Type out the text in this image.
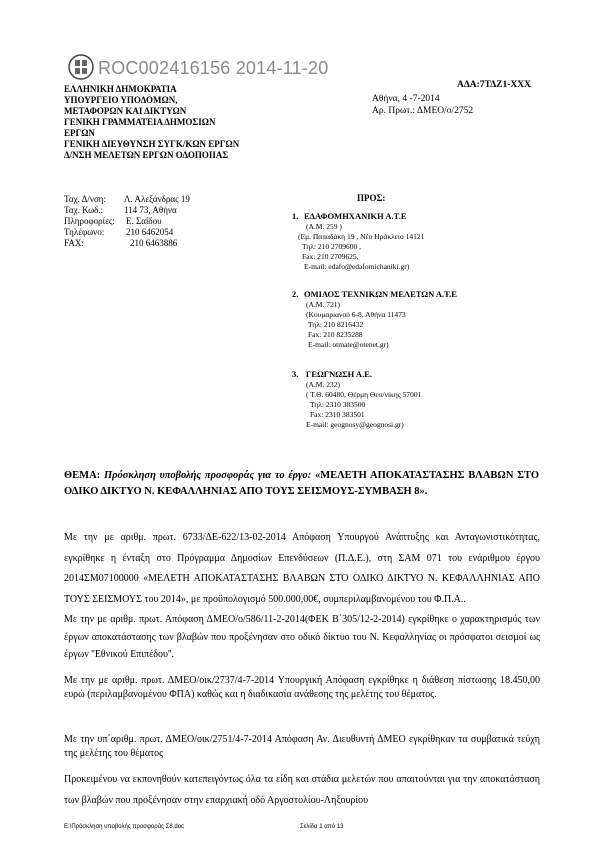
ROC002416156 2014-11-20
ΑΔΑ:7ΤΔΖ1-ΧΧΧ
ΕΛΛΗΝΙΚΗ ΔΗΜΟΚΡΑΤΙΑ
ΥΠΟΥΡΓΕΙΟ ΥΠΟΔΟΜΩΝ,
ΜΕΤΑΦΟΡΩΝ ΚΑΙ ΔΙΚΤΥΩΝ
ΓΕΝΙΚΗ ΓΡΑΜΜΑΤΕΙΑ ΔΗΜΟΣΙΩΝ
ΕΡΓΩΝ
ΓΕΝΙΚΗ ΔΙΕΥΘΥΝΣΗ ΣΥΓΚ/ΚΩΝ ΕΡΓΩΝ
Δ/ΝΣΗ ΜΕΛΕΤΩΝ ΕΡΓΩΝ ΟΔΟΠΟΙΙΑΣ
Αθήνα, 4 -7-2014
Αρ. Πρωτ.: ΔΜΕΟ/ο/2752
Ταχ. Δ/νση: Λ. Αλεξάνδρας 19
Ταχ. Κωδ.: 114 73, Αθήνα
Πληροφορίες: Ε. Σαΐδου
Τηλέφωνο: 210 6462054
FAX:	210 6463886
ΠΡΟΣ:
1. ΕΔΑΦΟΜΗΧΑΝΙΚΗ Α.Τ.Ε
(Α.Μ. 259 )
(Εμ. Παπαδάκη 19 , Νέο Ηράκλειο 14121
Τηλ: 210 2709600 ,
Fax: 210 2709625,
E-mail: edafo@edafomichaniki.gr)
2. ΟΜΙΛΟΣ ΤΕΧΝΙΚΩΝ ΜΕΛΕΤΩΝ Α.Τ.Ε
(Α.Μ. 721)
(Κουμαριανού 6-8, Αθήνα 11473
Τηλ: 210 8216432
Fax: 210 8235288
E-mail: otmate@otenet.gr)
3. ΓΕΩΓΝΩΣΗ Α.Ε.
(Α.Μ. 232)
( Τ.Θ. 60480, Θέρμη Θεσ/νίκης 57001
Τηλ: 2310 383500
Fax: 2310 383501
E-mail: geognosy@geognosi.gr)
ΘΕΜΑ: Πρόσκληση υποβολής προσφοράς για το έργο: «ΜΕΛΕΤΗ ΑΠΟΚΑΤΑΣΤΑΣΗΣ ΒΛΑΒΩΝ ΣΤΟ ΟΔΙΚΟ ΔΙΚΤΥΟ Ν. ΚΕΦΑΛΛΗΝΙΑΣ ΑΠΟ ΤΟΥΣ ΣΕΙΣΜΟΥΣ-ΣΥΜΒΑΣΗ 8».
Με την με αριθμ. πρωτ. 6733/ΔΕ-622/13-02-2014 Απόφαση Υπουργού Ανάπτυξης και Ανταγωνιστικότητας, εγκρίθηκε η ένταξη στο Πρόγραμμα Δημοσίων Επενδύσεων (Π.Δ.Ε.), στη ΣΑΜ 071 του ενάριθμου έργου 2014ΣΜ07100000 «ΜΕΛΕΤΗ ΑΠΟΚΑΤΑΣΤΑΣΗΣ ΒΛΑΒΩΝ ΣΤΟ ΟΔΙΚΟ ΔΙΚΤΥΟ Ν. ΚΕΦΑΛΛΗΝΙΑΣ ΑΠΟ ΤΟΥΣ ΣΕΙΣΜΟΥΣ του 2014», με προϋπολογισμό 500.000,00€, συμπεριλαμβανομένου του Φ.Π.Α..
Με την με αριθμ. πρωτ. Απόφαση ΔΜΕΟ/ο/586/11-2-2014(ΦΕΚ Β΄305/12-2-2014) εγκρίθηκε ο χαρακτηρισμός των έργων αποκατάστασης των βλαβών που προξένησαν στο οδικό δίκτυο του Ν. Κεφαλληνίας οι πρόσφατοι σεισμοί ως έργων ''Εθνικού Επιπέδου''.
Με την με αριθμ. πρωτ. ΔΜΕΟ/οικ/2737/4-7-2014 Υπουργική Απόφαση εγκρίθηκε η διάθεση πίστωσης 18.450,00 ευρώ (περιλαμβανομένου ΦΠΑ) καθώς και η διαδικασία ανάθεσης της μελέτης του θέματος.
Με την υπ΄αριθμ. πρωτ. ΔΜΕΟ/οικ/2751/4-7-2014 Απόφαση Αν. Διευθυντή ΔΜΕΟ εγκρίθηκαν τα συμβατικά τεύχη της μελέτης του θέματος
Προκειμένου να εκπονηθούν κατεπειγόντως όλα τα είδη και στάδια μελετών που απαιτούνται για την αποκατάσταση των βλαβών που προξένησαν στην επαρχιακή οδό Αργοστολίου-Ληξουρίου
E:\Πρόσκληση υποβολής προσφοράς Σ8.doc	Σελίδα 1 από 13
